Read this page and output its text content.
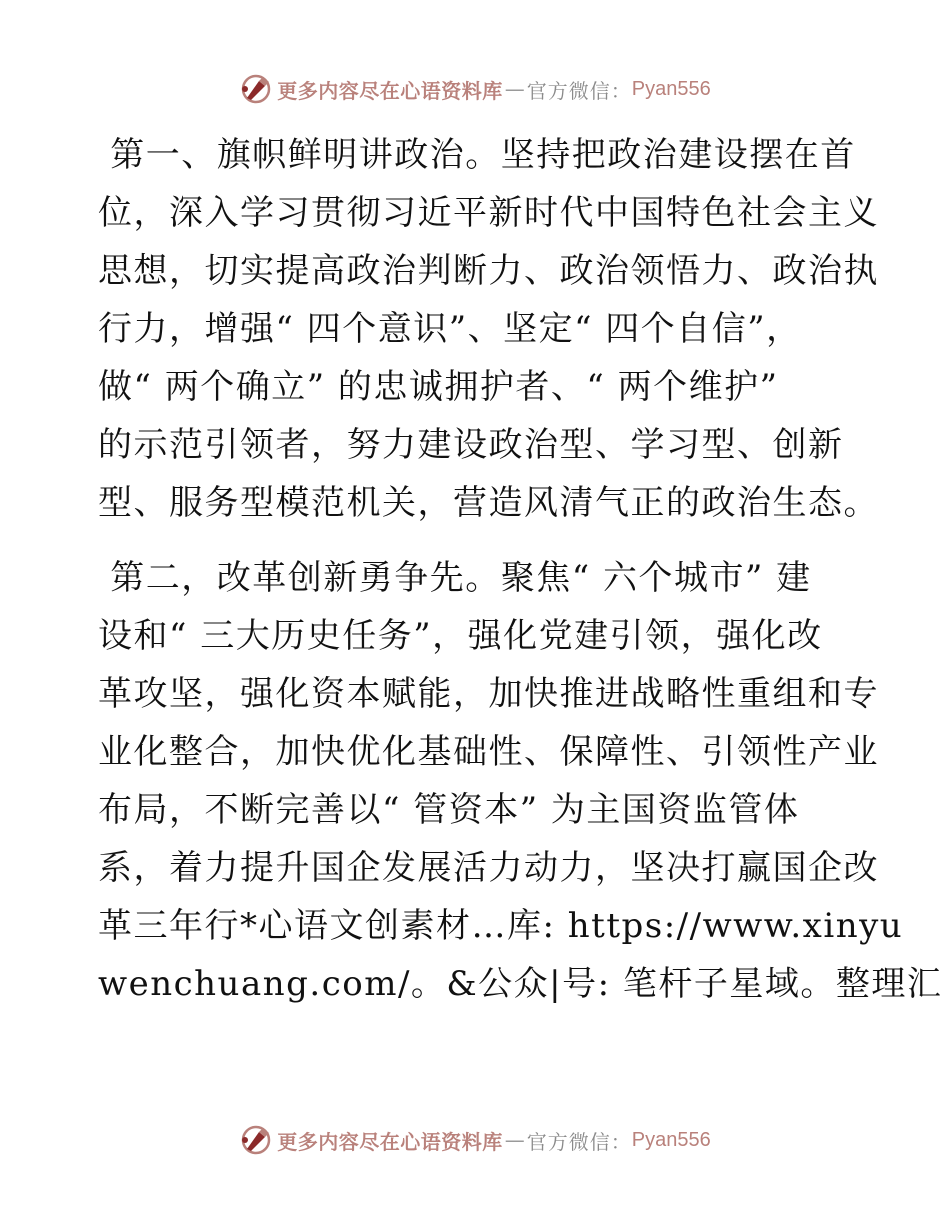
更多内容尽在心语资料库 — 官方微信： Pyan556
第一、旗帜鲜明讲政治。坚持把政治建设摆在首
位，深入学习贯彻习近平新时代中国特色社会主义
思想，切实提高政治判断力、政治领悟力、政治执
行力，增强“ 四个意识”、坚定“ 四个自信”，
做“ 两个确立” 的忠诚拥护者、“ 两个维护”
的示范引领者，努力建设政治型、学习型、创新
型、服务型模范机关，营造风清气正的政治生态。
第二，改革创新勇争先。聚焦“ 六个城市” 建
设和“ 三大历史任务”，强化党建引领，强化改
革攻坚，强化资本赋能，加快推进战略性重组和专
业化整合，加快优化基础性、保障性、引领性产业
布局，不断完善以“ 管资本” 为主国资监管体
系，着力提升国企发展活力动力，坚决打赢国企改
革三年行*心语文创素材…库: https://www.xinyu
wenchuang.com/。&公众|号: 笔杆子星域。整理汇
更多内容尽在心语资料库 — 官方微信： Pyan556
